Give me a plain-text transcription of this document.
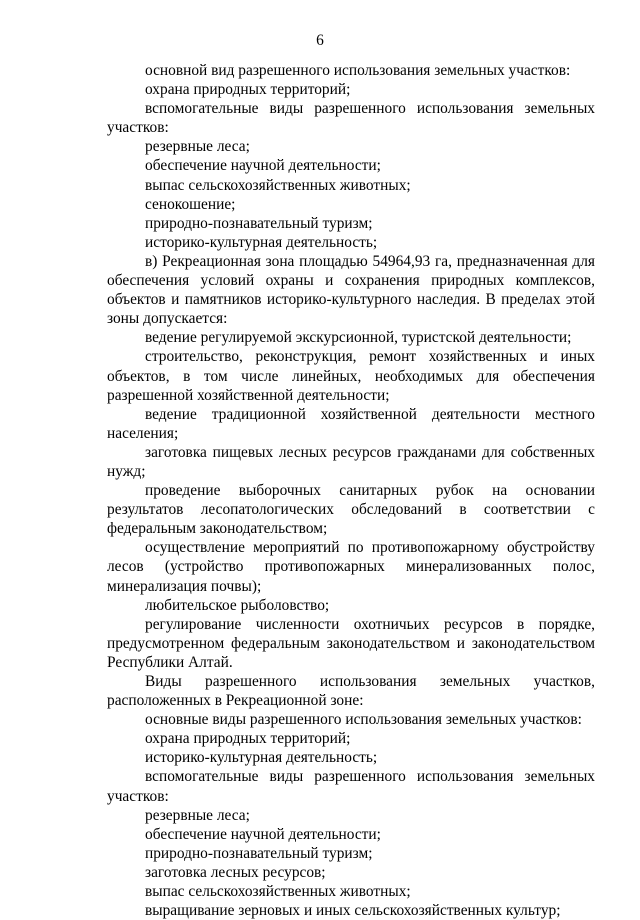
6

основной вид разрешенного использования земельных участков:

охрана природных территорий;

вспомогательные виды разрешенного использования земельных участков:

резервные леса;

обеспечение научной деятельности;

выпас сельскохозяйственных животных;

сенокошение;

природно-познавательный туризм;

историко-культурная деятельность;

в) Рекреационная зона площадью 54964,93 га, предназначенная для обеспечения условий охраны и сохранения природных комплексов, объектов и памятников историко-культурного наследия. В пределах этой зоны допускается:

ведение регулируемой экскурсионной, туристской деятельности;

строительство, реконструкция, ремонт хозяйственных и иных объектов, в том числе линейных, необходимых для обеспечения разрешенной хозяйственной деятельности;

ведение традиционной хозяйственной деятельности местного населения;

заготовка пищевых лесных ресурсов гражданами для собственных нужд;

проведение выборочных санитарных рубок на основании результатов лесопатологических обследований в соответствии с федеральным законодательством;

осуществление мероприятий по противопожарному обустройству лесов (устройство противопожарных минерализованных полос, минерализация почвы);

любительское рыболовство;

регулирование численности охотничьих ресурсов в порядке, предусмотренном федеральным законодательством и законодательством Республики Алтай.

Виды разрешенного использования земельных участков, расположенных в Рекреационной зоне:

основные виды разрешенного использования земельных участков:

охрана природных территорий;

историко-культурная деятельность;

вспомогательные виды разрешенного использования земельных участков:

резервные леса;

обеспечение научной деятельности;

природно-познавательный туризм;

заготовка лесных ресурсов;

выпас сельскохозяйственных животных;

выращивание зерновых и иных сельскохозяйственных культур;
